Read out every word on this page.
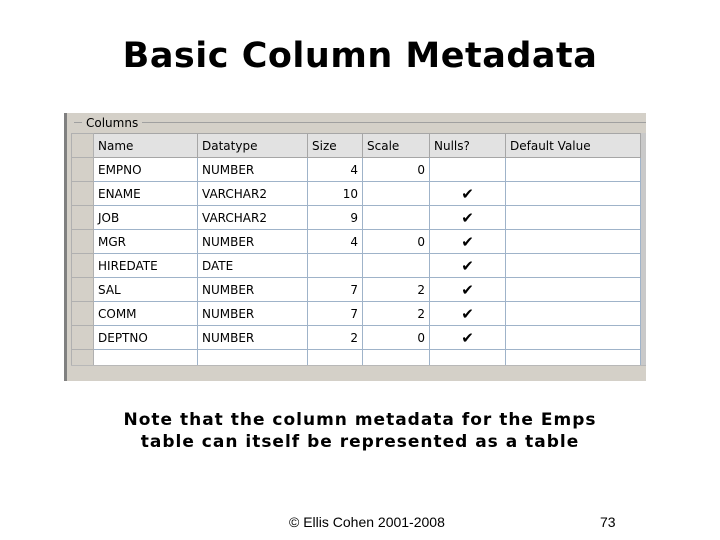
Basic Column Metadata
Columns
	Name	Datatype	Size	Scale	Nulls?	Default Value
	EMPNO	NUMBER	4	0		
	ENAME	VARCHAR2	10		✔	
	JOB	VARCHAR2	9		✔	
	MGR	NUMBER	4	0	✔	
	HIREDATE	DATE			✔	
	SAL	NUMBER	7	2	✔	
	COMM	NUMBER	7	2	✔	
	DEPTNO	NUMBER	2	0	✔	

Note that the column metadata for the Emps
table can itself be represented as a table
© Ellis Cohen 2001-2008	73
